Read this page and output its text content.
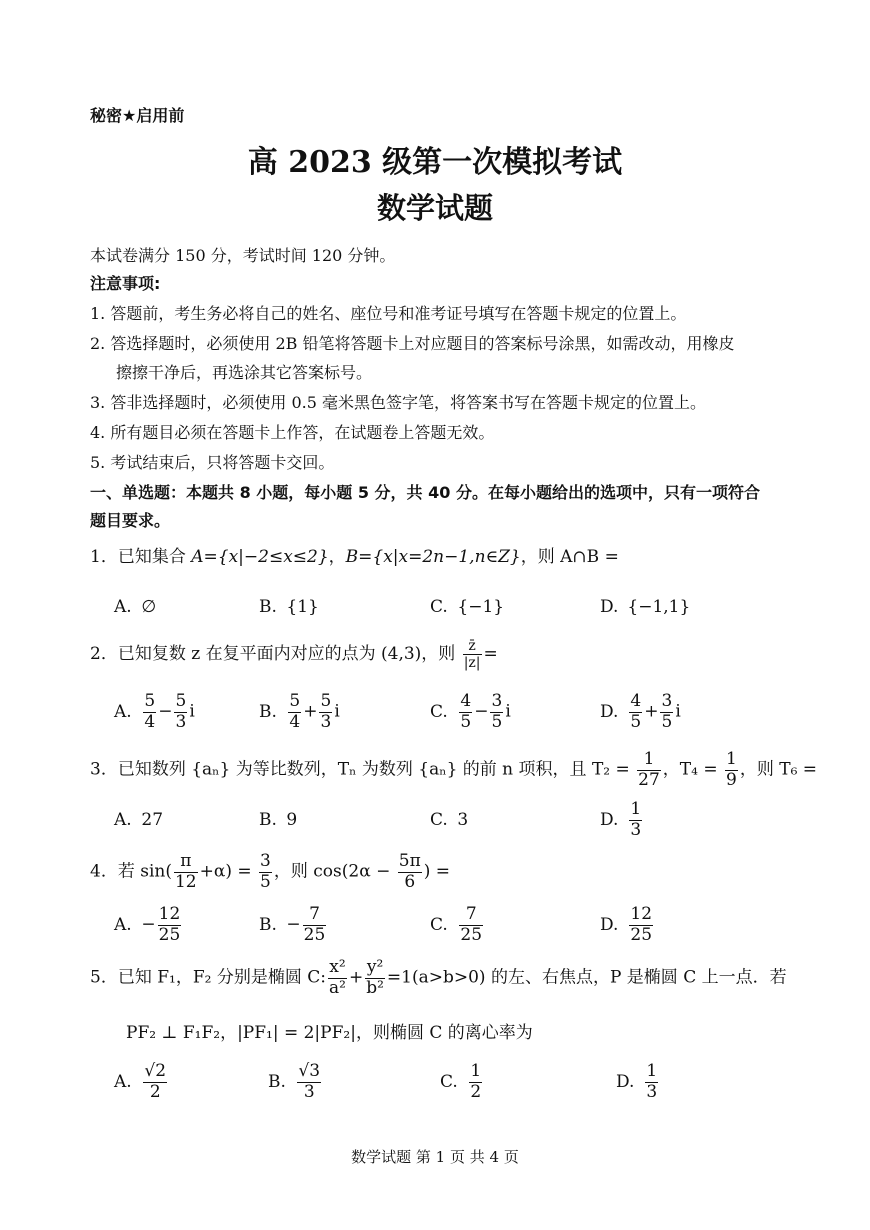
秘密★启用前
高 2023 级第一次模拟考试
数学试题
本试卷满分 150 分，考试时间 120 分钟。
注意事项:
1. 答题前，考生务必将自己的姓名、座位号和准考证号填写在答题卡规定的位置上。
2. 答选择题时，必须使用 2B 铅笔将答题卡上对应题目的答案标号涂黑，如需改动，用橡皮
擦擦干净后，再选涂其它答案标号。
3. 答非选择题时，必须使用 0.5 毫米黑色签字笔，将答案书写在答题卡规定的位置上。
4. 所有题目必须在答题卡上作答，在试题卷上答题无效。
5. 考试结束后，只将答题卡交回。
一、单选题：本题共 8 小题，每小题 5 分，共 40 分。在每小题给出的选项中，只有一项符合
题目要求。
1．已知集合 A={x|−2≤x≤2}，B={x|x=2n−1,n∈Z}，则 A∩B =
A. ∅	B. {1}	C. {−1}	D. {−1,1}
2．已知复数 z 在复平面内对应的点为 (4,3)，则 $\frac{z̄}{|z|}$ =
A. $\frac{5}{4} - \frac{5}{3}$ i	B. $\frac{5}{4} + \frac{5}{3}$ i	C. $\frac{4}{5} - \frac{3}{5}$ i	D. $\frac{4}{5} + \frac{3}{5}$ i
3．已知数列 {aₙ} 为等比数列，Tₙ 为数列 {aₙ} 的前 n 项积，且 $T_2 = \frac{1}{27}$ ，$T_4 = \frac{1}{9}$ ，则 T₆ =
A. 27	B. 9	C. 3	D. $\frac{1}{3}$
4．若 $\sin( \frac{\pi}{12} +\alpha) = \frac{3}{5}$ ，则 $\cos(2\alpha - \frac{5\pi}{6}$ ) =
A. − $\frac{12}{25}$	B. − $\frac{7}{25}$	C. $\frac{7}{25}$	D. $\frac{12}{25}$
5．已知 F₁，F₂ 分别是椭圆 C: $\frac{\text{x²}}{\text{a²}} + \frac{\text{y²}}{\text{b²}} =1(a>b>0)$ 的左、右焦点，P 是椭圆 C 上一点．若
PF₂ ⊥ F₁F₂，|PF₁| = 2|PF₂|，则椭圆 C 的离心率为
A. $\frac{√2}{2}$	B. $\frac{√3}{3}$	C. $\frac{1}{2}$	D. $\frac{1}{3}$
数学试题 第 1 页 共 4 页
